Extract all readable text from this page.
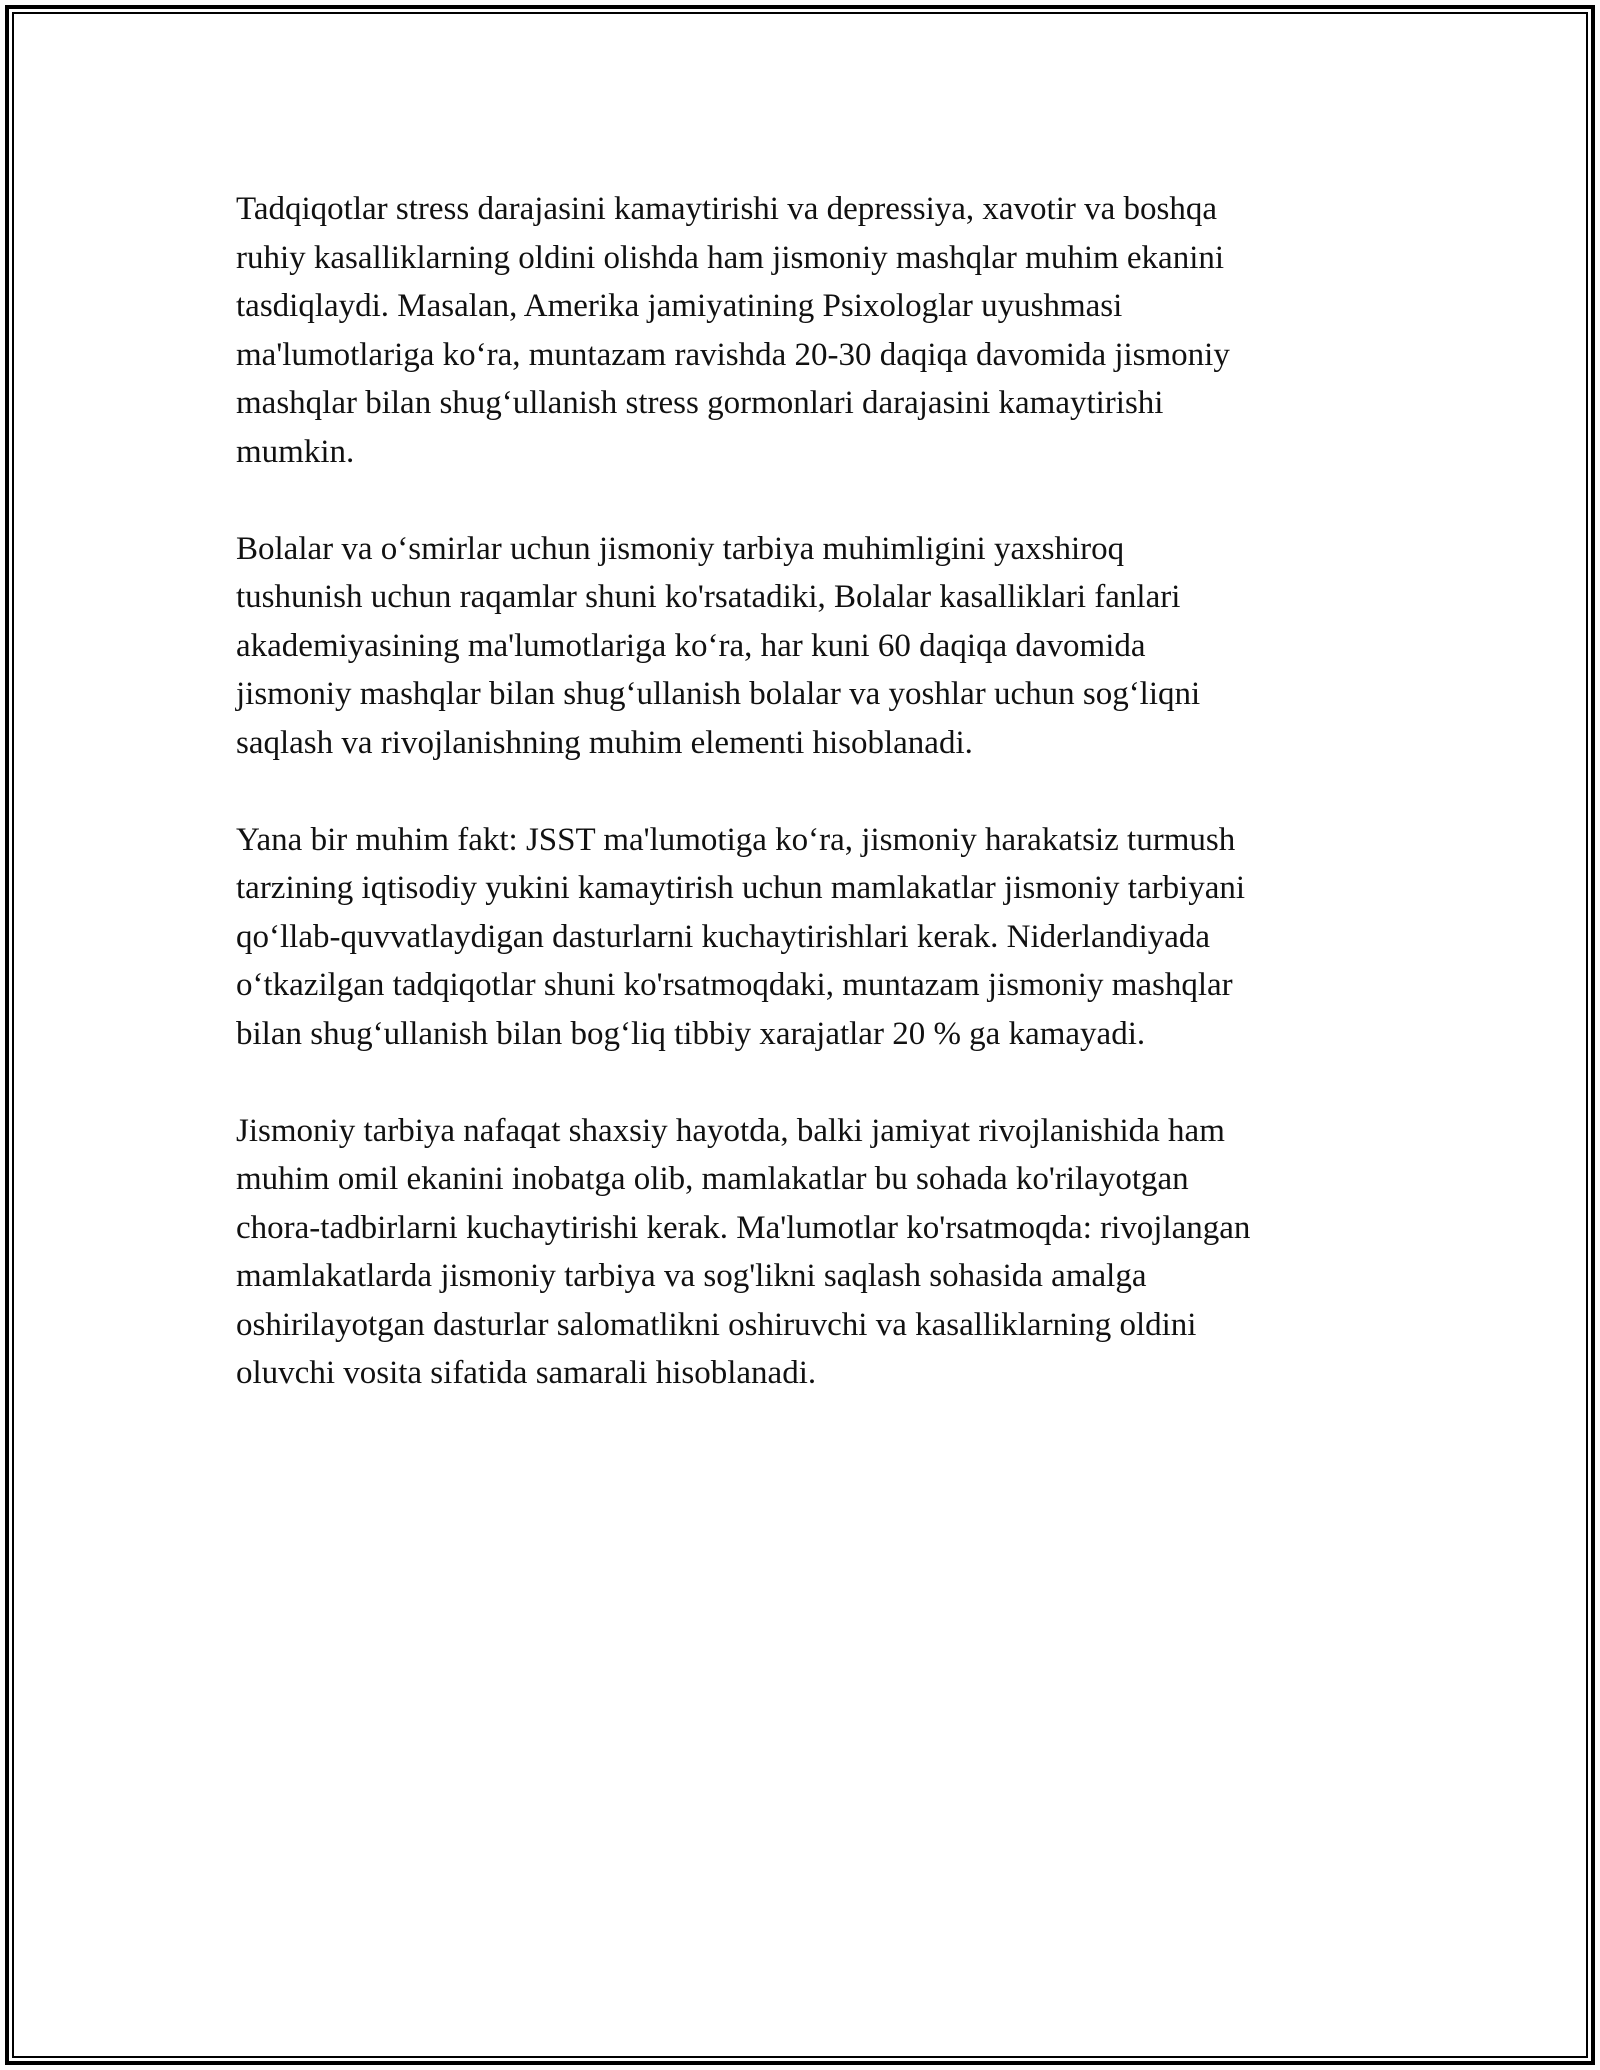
Tadqiqotlar stress darajasini kamaytirishi va depressiya, xavotir va boshqa
ruhiy kasalliklarning oldini olishda ham jismoniy mashqlar muhim ekanini
tasdiqlaydi. Masalan, Amerika jamiyatining Psixologlar uyushmasi
ma'lumotlariga ko‘ra, muntazam ravishda 20-30 daqiqa davomida jismoniy
mashqlar bilan shug‘ullanish stress gormonlari darajasini kamaytirishi
mumkin.

Bolalar va o‘smirlar uchun jismoniy tarbiya muhimligini yaxshiroq
tushunish uchun raqamlar shuni ko'rsatadiki, Bolalar kasalliklari fanlari
akademiyasining ma'lumotlariga ko‘ra, har kuni 60 daqiqa davomida
jismoniy mashqlar bilan shug‘ullanish bolalar va yoshlar uchun sog‘liqni
saqlash va rivojlanishning muhim elementi hisoblanadi.

Yana bir muhim fakt: JSST ma'lumotiga ko‘ra, jismoniy harakatsiz turmush
tarzining iqtisodiy yukini kamaytirish uchun mamlakatlar jismoniy tarbiyani
qo‘llab-quvvatlaydigan dasturlarni kuchaytirishlari kerak. Niderlandiyada
o‘tkazilgan tadqiqotlar shuni ko'rsatmoqdaki, muntazam jismoniy mashqlar
bilan shug‘ullanish bilan bog‘liq tibbiy xarajatlar 20 % ga kamayadi.

Jismoniy tarbiya nafaqat shaxsiy hayotda, balki jamiyat rivojlanishida ham
muhim omil ekanini inobatga olib, mamlakatlar bu sohada ko'rilayotgan
chora-tadbirlarni kuchaytirishi kerak. Ma'lumotlar ko'rsatmoqda: rivojlangan
mamlakatlarda jismoniy tarbiya va sog'likni saqlash sohasida amalga
oshirilayotgan dasturlar salomatlikni oshiruvchi va kasalliklarning oldini
oluvchi vosita sifatida samarali hisoblanadi.
